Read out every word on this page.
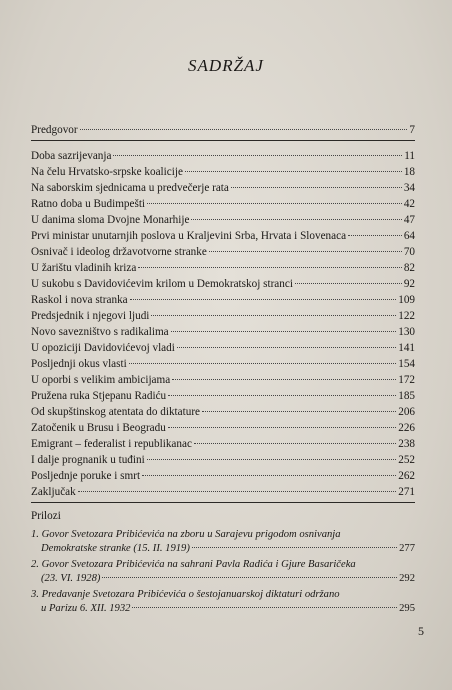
SADRŽAJ
Predgovor	7
Doba sazrijevanja	11
Na čelu Hrvatsko-srpske koalicije	18
Na saborskim sjednicama u predvečerje rata	34
Ratno doba u Budimpešti	42
U danima sloma Dvojne Monarhije	47
Prvi ministar unutarnjih poslova u Kraljevini Srba, Hrvata i Slovenaca	64
Osnivač i ideolog državotvorne stranke	70
U žarištu vladinih kriza	82
U sukobu s Davidovićevim krilom u Demokratskoj stranci	92
Raskol i nova stranka	109
Predsjednik i njegovi ljudi	122
Novo savezništvo s radikalima	130
U opoziciji Davidovićevoj vladi	141
Posljednji okus vlasti	154
U oporbi s velikim ambicijama	172
Pružena ruka Stjepanu Radiću	185
Od skupštinskog atentata do diktature	206
Zatočenik u Brusu i Beogradu	226
Emigrant – federalist i republikanac	238
I dalje prognanik u tuđini	252
Posljednje poruke i smrt	262
Zaključak	271
Prilozi
1. Govor Svetozara Pribićevića na zboru u Sarajevu prigodom osnivanja
Demokratske stranke (15. II. 1919)	277
2. Govor Svetozara Pribićevića na sahrani Pavla Radića i Gjure Basaričeka
(23. VI. 1928)	292
3. Predavanje Svetozara Pribićevića o šestojanuarskoj diktaturi održano
u Parizu 6. XII. 1932	295
5
